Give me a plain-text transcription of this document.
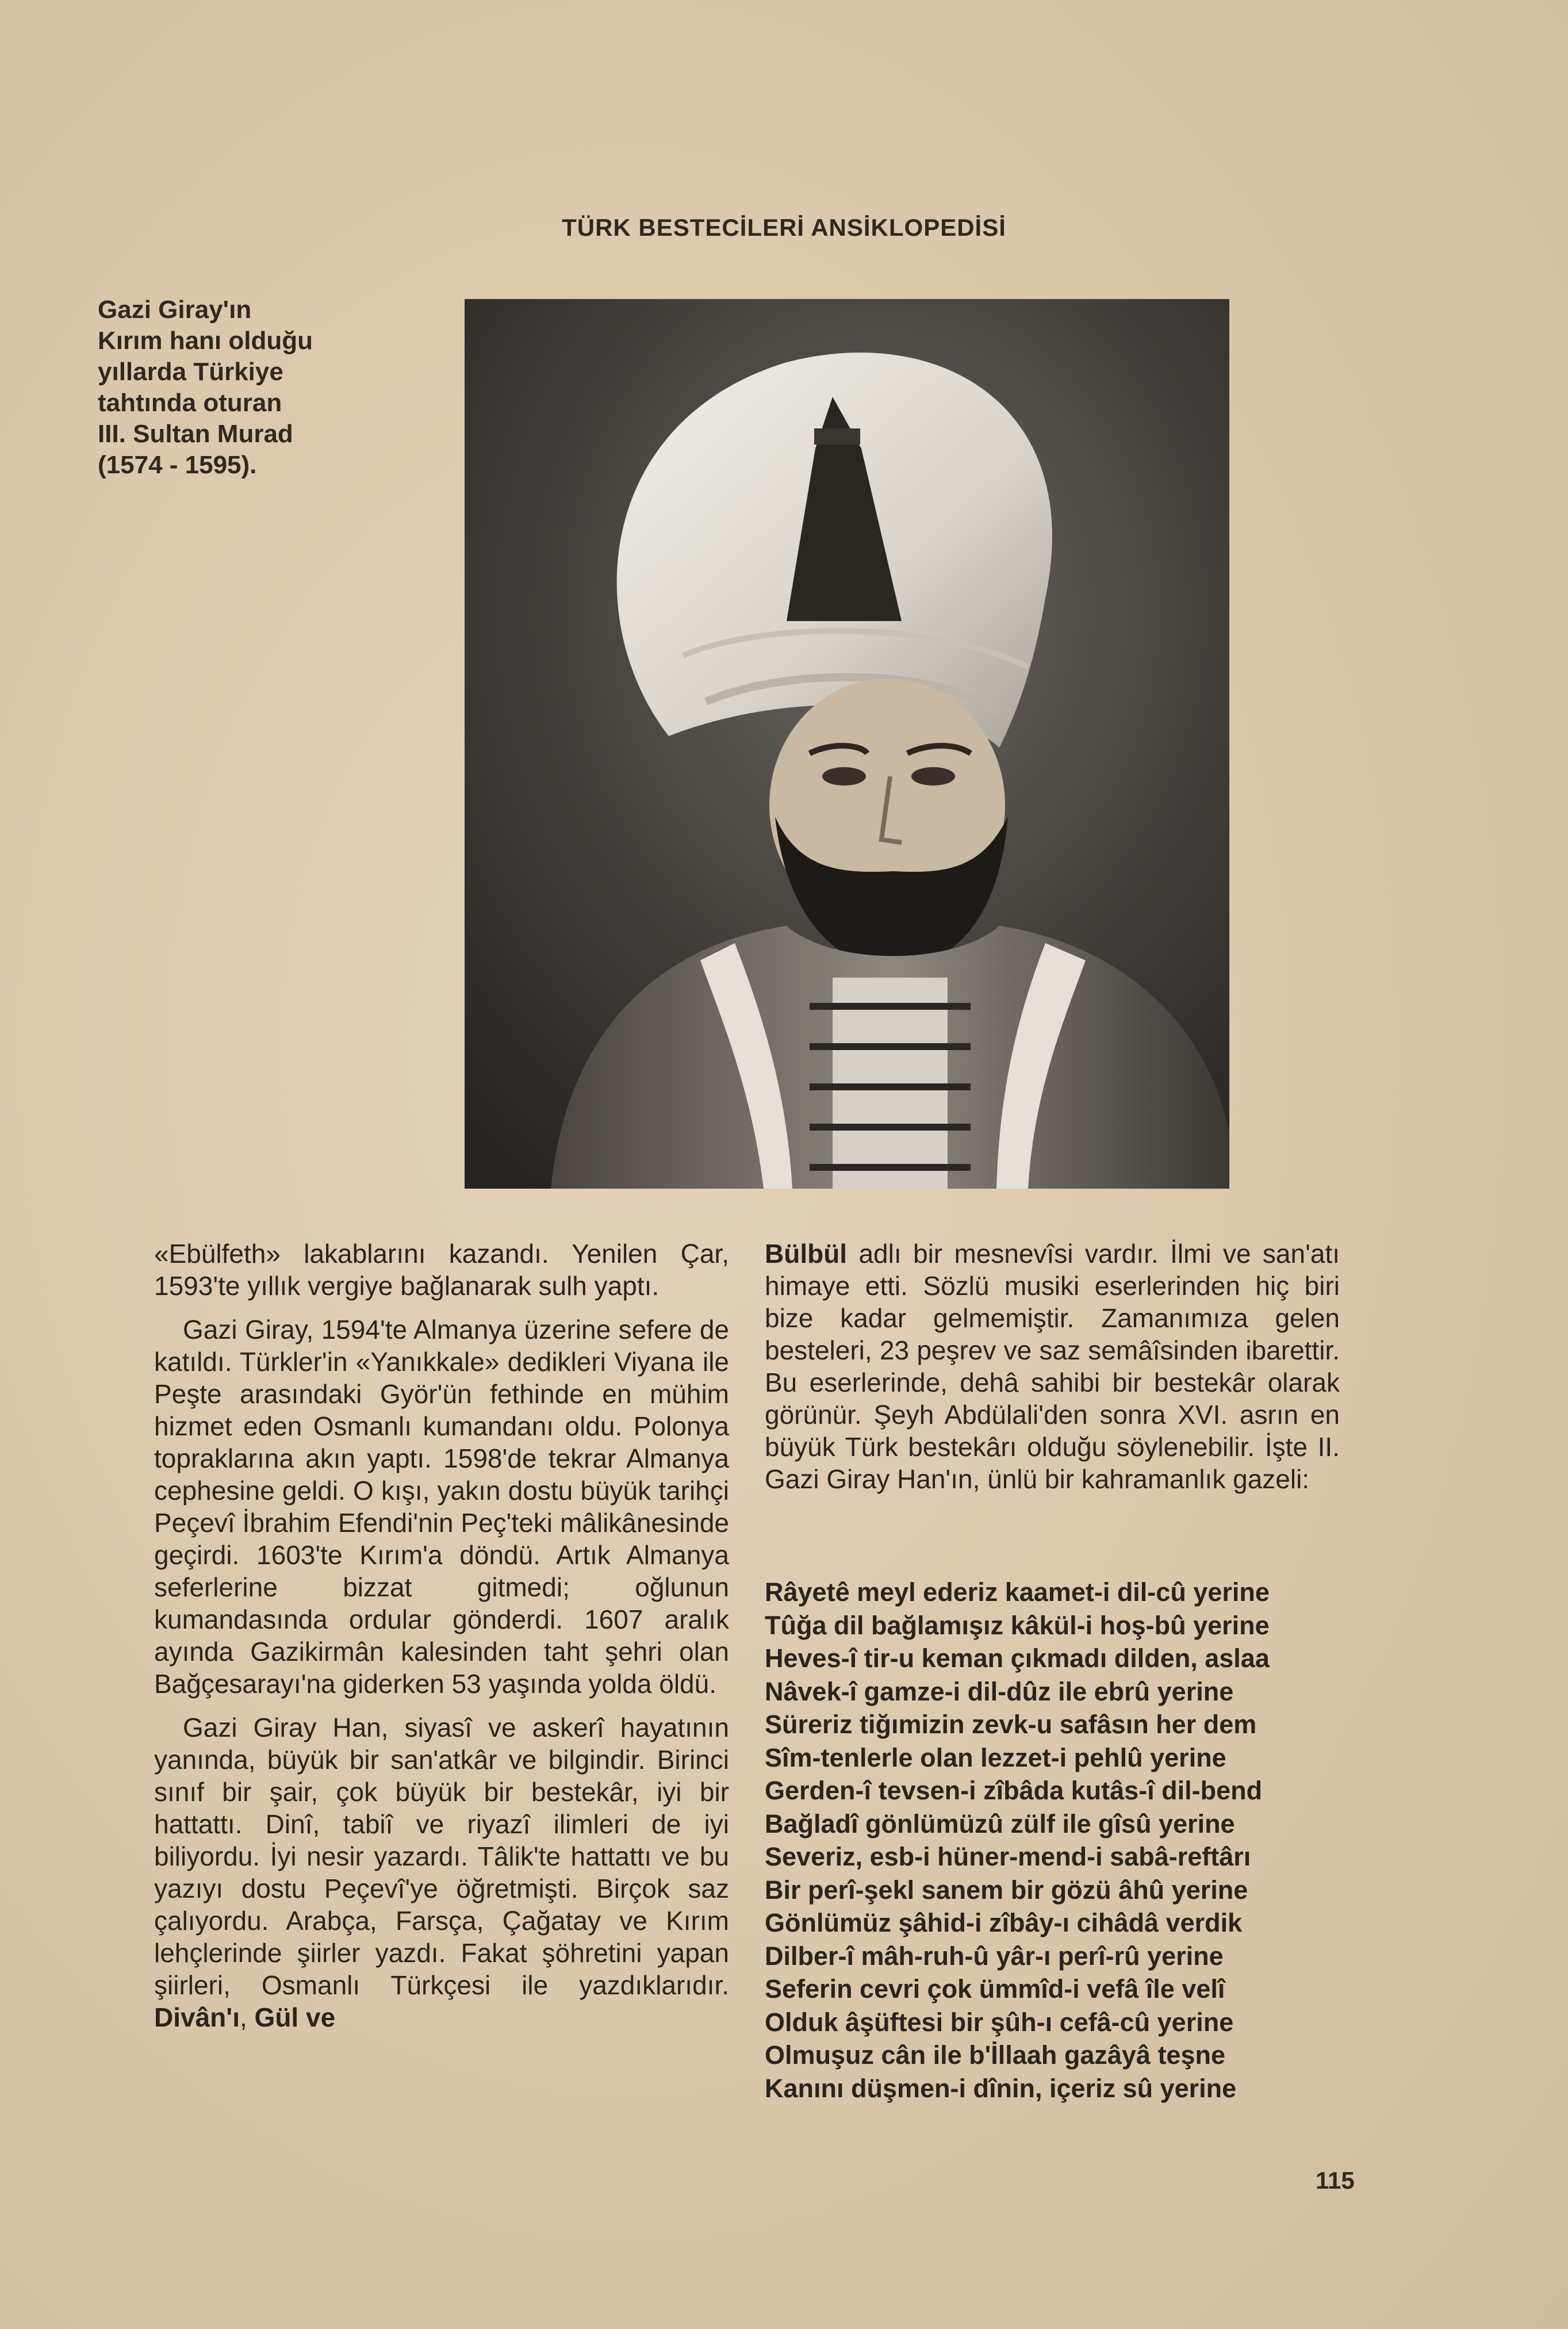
TÜRK BESTECİLERİ ANSİKLOPEDİSİ
Gazi Giray'ın
Kırım hanı olduğu
yıllarda Türkiye
tahtında oturan
III. Sultan Murad
(1574 - 1595).

«Ebülfeth» lakablarını kazandı. Yenilen Çar, 1593'te yıllık vergiye bağlanarak sulh yaptı.

Gazi Giray, 1594'te Almanya üzerine sefere de katıldı. Türkler'in «Yanıkkale» dedikleri Viyana ile Peşte arasındaki Györ'ün fethinde en mühim hizmet eden Osmanlı kumandanı oldu. Polonya topraklarına akın yaptı. 1598'de tekrar Almanya cephesine geldi. O kışı, yakın dostu büyük tarihçi Peçevî İbrahim Efendi'nin Peç'teki mâlikânesinde geçirdi. 1603'te Kırım'a döndü. Artık Almanya seferlerine bizzat gitmedi; oğlunun kumandasında ordular gönderdi. 1607 aralık ayında Gazikirmân kalesinden taht şehri olan Bağçesarayı'na giderken 53 yaşında yolda öldü.

Gazi Giray Han, siyasî ve askerî hayatının yanında, büyük bir san'atkâr ve bilgindir. Birinci sınıf bir şair, çok büyük bir bestekâr, iyi bir hattattı. Dinî, tabiî ve riyazî ilimleri de iyi biliyordu. İyi nesir yazardı. Tâlik'te hattattı ve bu yazıyı dostu Peçevî'ye öğretmişti. Birçok saz çalıyordu. Arabça, Farsça, Çağatay ve Kırım lehçlerinde şiirler yazdı. Fakat şöhretini yapan şiirleri, Osmanlı Türkçesi ile yazdıklarıdır. Divân'ı, Gül ve

Bülbül adlı bir mesnevîsi vardır. İlmi ve san'atı himaye etti. Sözlü musiki eserlerinden hiç biri bize kadar gelmemiştir. Zamanımıza gelen besteleri, 23 peşrev ve saz semâîsinden ibarettir. Bu eserlerinde, dehâ sahibi bir bestekâr olarak görünür. Şeyh Abdülali'den sonra XVI. asrın en büyük Türk bestekârı olduğu söylenebilir. İşte II. Gazi Giray Han'ın, ünlü bir kahramanlık gazeli:

Râyetê meyl ederiz kaamet-i dil-cû yerine
Tûğa dil bağlamışız kâkül-i hoş-bû yerine
Heves-î tir-u keman çıkmadı dilden, aslaa
Nâvek-î gamze-i dil-dûz ile ebrû yerine
Süreriz tiğımizin zevk-u safâsın her dem
Sîm-tenlerle olan lezzet-i pehlû yerine
Gerden-î tevsen-i zîbâda kutâs-î dil-bend
Bağladî gönlümüzû zülf ile gîsû yerine
Severiz, esb-i hüner-mend-i sabâ-reftârı
Bir perî-şekl sanem bir gözü âhû yerine
Gönlümüz şâhid-i zîbây-ı cihâdâ verdik
Dilber-î mâh-ruh-û yâr-ı perî-rû yerine
Seferin cevri çok ümmîd-i vefâ île velî
Olduk âşüftesi bir şûh-ı cefâ-cû yerine
Olmuşuz cân ile b'İllaah gazâyâ teşne
Kanını düşmen-i dînin, içeriz sû yerine
115
